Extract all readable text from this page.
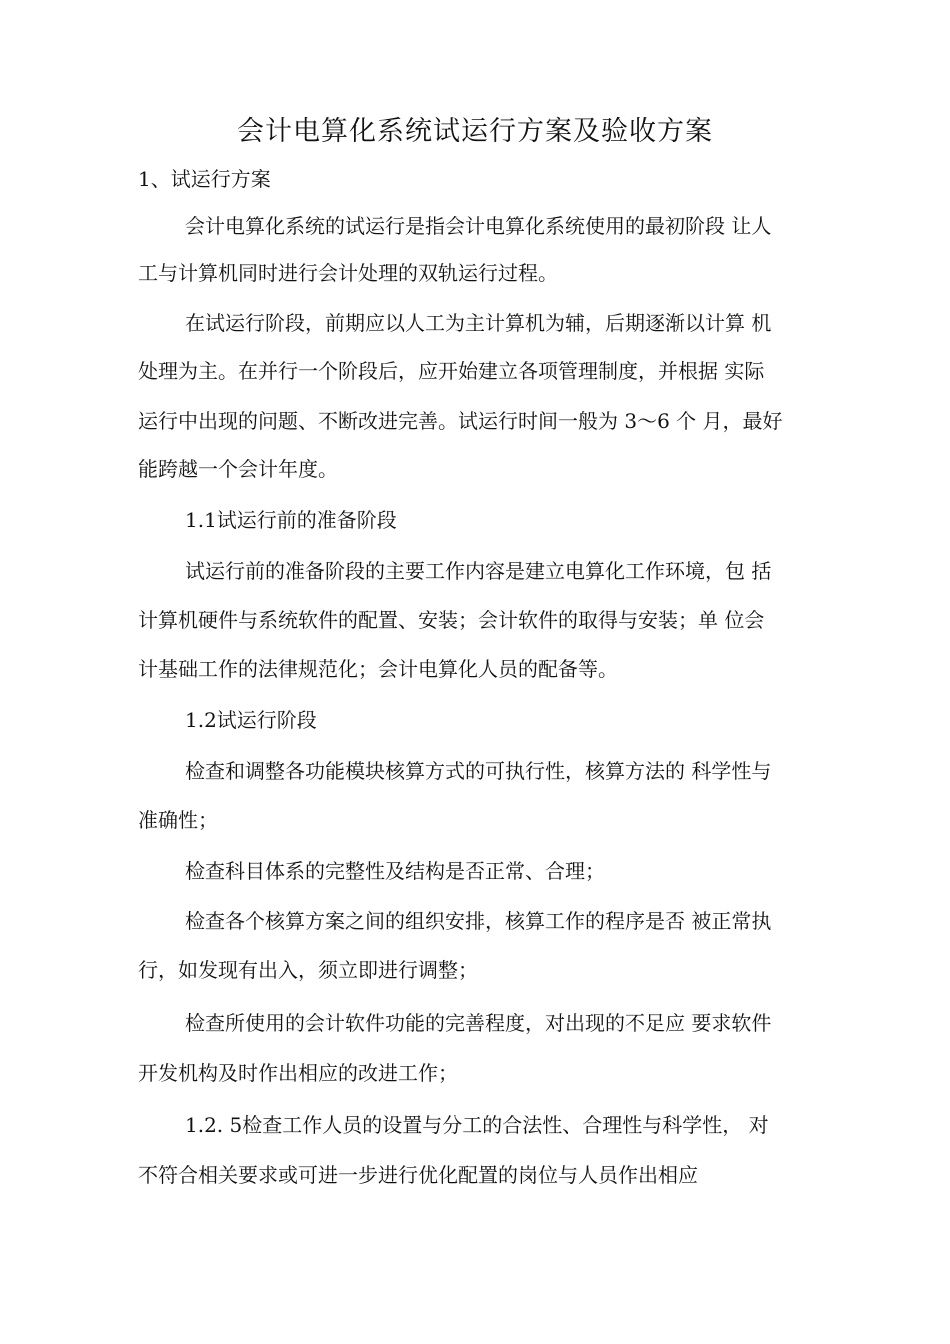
会计电算化系统试运行方案及验收方案

1、试运行方案

会计电算化系统的试运行是指会计电算化系统使用的最初阶段 让人

工与计算机同时进行会计处理的双轨运行过程。

在试运行阶段，前期应以人工为主计算机为辅，后期逐渐以计算 机

处理为主。在并行一个阶段后，应开始建立各项管理制度，并根据 实际

运行中出现的问题、不断改进完善。试运行时间一般为 3〜6 个 月，最好

能跨越一个会计年度。

1.1试运行前的准备阶段

试运行前的准备阶段的主要工作内容是建立电算化工作环境，包 括

计算机硬件与系统软件的配置、安装；会计软件的取得与安装；单 位会

计基础工作的法律规范化；会计电算化人员的配备等。

1.2试运行阶段

检查和调整各功能模块核算方式的可执行性，核算方法的 科学性与

准确性；

检查科目体系的完整性及结构是否正常、合理；

检查各个核算方案之间的组织安排，核算工作的程序是否 被正常执

行，如发现有出入，须立即进行调整；

检查所使用的会计软件功能的完善程度，对出现的不足应 要求软件

开发机构及时作出相应的改进工作；

1.2. 5检查工作人员的设置与分工的合法性、合理性与科学性， 对

不符合相关要求或可进一步进行优化配置的岗位与人员作出相应
